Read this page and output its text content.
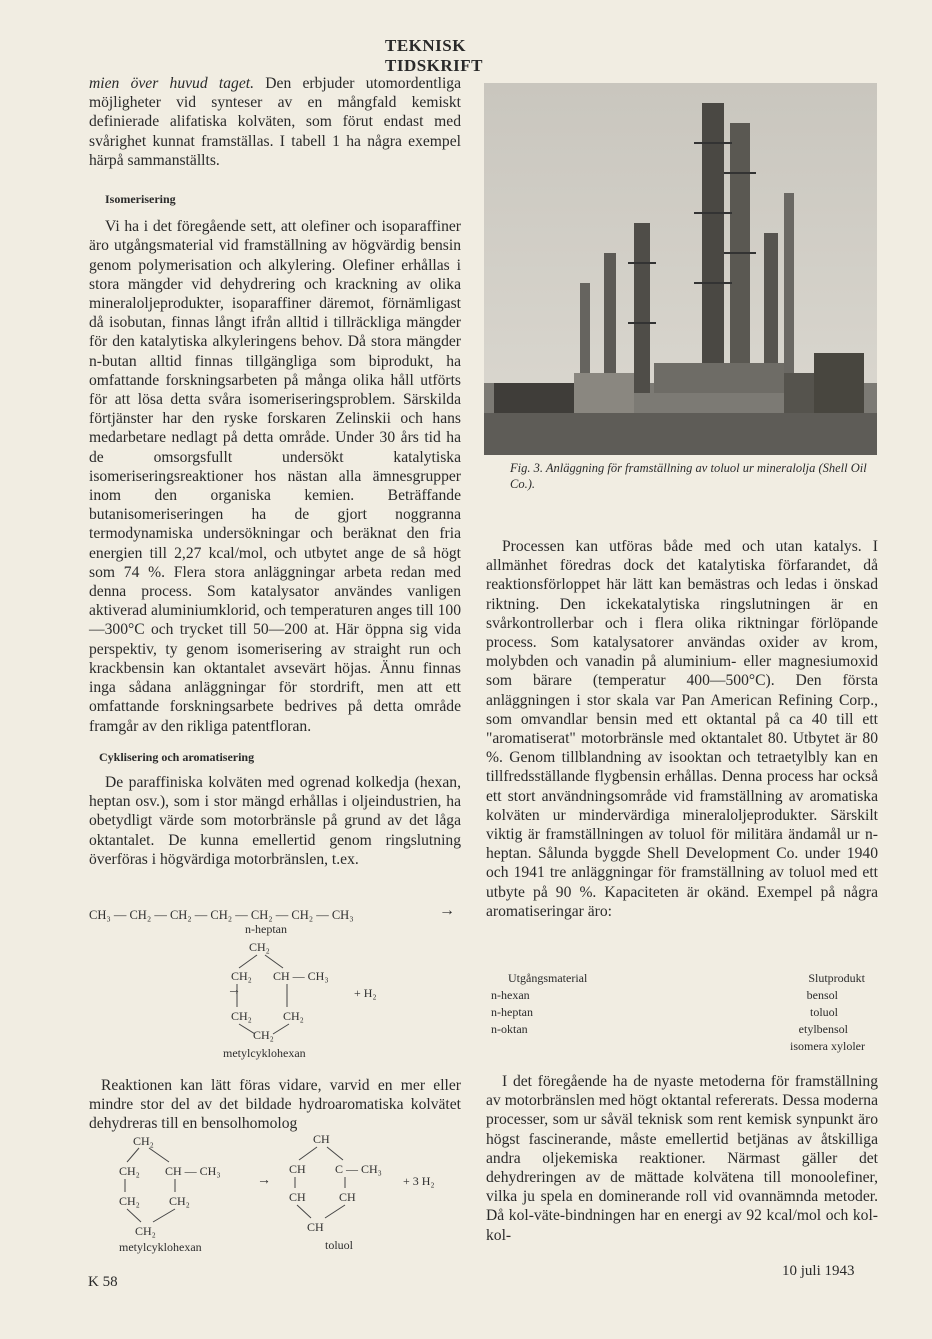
TEKNISK TIDSKRIFT

mien över huvud taget. Den erbjuder utomordentliga möjligheter vid synteser av en mångfald kemiskt definierade alifatiska kolväten, som förut endast med svårighet kunnat framställas. I tabell 1 ha några exempel härpå sammanställts.

Isomerisering

Vi ha i det föregående sett, att olefiner och isoparaffiner äro utgångsmaterial vid framställning av högvärdig bensin genom polymerisation och alkylering. Olefiner erhållas i stora mängder vid dehydrering och krackning av olika mineraloljeprodukter, isoparaffiner däremot, förnämligast då isobutan, finnas långt ifrån alltid i tillräckliga mängder för den katalytiska alkyleringens behov. Då stora mängder n-butan alltid finnas tillgängliga som biprodukt, ha omfattande forskningsarbeten på många olika håll utförts för att lösa detta svåra isomeriseringsproblem. Särskilda förtjänster har den ryske forskaren Zelinskii och hans medarbetare nedlagt på detta område. Under 30 års tid ha de omsorgsfullt undersökt katalytiska isomeriseringsreaktioner hos nästan alla ämnesgrupper inom den organiska kemien. Beträffande butanisomeriseringen ha de gjort noggranna termodynamiska undersökningar och beräknat den fria energien till 2,27 kcal/mol, och utbytet ange de så högt som 74 %. Flera stora anläggningar arbeta redan med denna process. Som katalysator användes vanligen aktiverad aluminiumklorid, och temperaturen anges till 100—300°C och trycket till 50—200 at. Här öppna sig vida perspektiv, ty genom isomerisering av straight run och krackbensin kan oktantalet avsevärt höjas. Ännu finnas inga sådana anläggningar för stordrift, men att ett omfattande forskningsarbete bedrives på detta område framgår av den rikliga patentfloran.

Cyklisering och aromatisering

De paraffiniska kolväten med ogrenad kolkedja (hexan, heptan osv.), som i stor mängd erhållas i oljeindustrien, ha obetydligt värde som motorbränsle på grund av det låga oktantalet. De kunna emellertid genom ringslutning överföras i högvärdiga motorbränslen, t.ex.

CH₃ — CH₂ — CH₂ — CH₂ — CH₂ — CH₂ — CH₃	→
n-heptan
CH₂
CH₂ CH — CH₃
→	+ H₂
CH₂	CH₂
CH₂
metylcyklohexan

Reaktionen kan lätt föras vidare, varvid en mer eller mindre stor del av det bildade hydroaromatiska kolvätet dehydreras till en bensolhomolog

CH₂
CH₂ CH — CH₃
CH₂ CH₂
CH₂
metylcyklohexan
→
CH
CH C — CH₃
+ 3 H₂
CH	CH
CH
toluol
Fig. 3. Anläggning för framställning av toluol ur mineralolja (Shell Oil Co.).

Processen kan utföras både med och utan katalys. I allmänhet föredras dock det katalytiska förfarandet, då reaktionsförloppet här lätt kan bemästras och ledas i önskad riktning. Den ickekatalytiska ringslutningen är en svårkontrollerbar och i flera olika riktningar förlöpande process. Som katalysatorer användas oxider av krom, molybden och vanadin på aluminium- eller magnesiumoxid som bärare (temperatur 400—500°C). Den första anläggningen i stor skala var Pan American Refining Corp., som omvandlar bensin med ett oktantal på ca 40 till ett "aromatiserat" motorbränsle med oktantalet 80. Utbytet är 80 %. Genom tillblandning av isooktan och tetraetylbly kan en tillfredsställande flygbensin erhållas. Denna process har också ett stort användningsområde vid framställning av aromatiska kolväten ur mindervärdiga mineraloljeprodukter. Särskilt viktig är framställningen av toluol för militära ändamål ur n-heptan. Sålunda byggde Shell Development Co. under 1940 och 1941 tre anläggningar för framställning av toluol med ett utbyte på 90 %. Kapaciteten är okänd. Exempel på några aromatiseringar äro:

Utgångsmaterial	Slutprodukt
n-hexan	bensol
n-heptan	toluol
n-oktan	etylbensol
	isomera xyloler

I det föregående ha de nyaste metoderna för framställning av motorbränslen med högt oktantal refererats. Dessa moderna processer, som ur såväl teknisk som rent kemisk synpunkt äro högst fascinerande, måste emellertid betjänas av åtskilliga andra oljekemiska reaktioner. Närmast gäller det dehydreringen av de mättade kolvätena till monoolefiner, vilka ju spela en dominerande roll vid ovannämnda metoder. Då kol-väte-bindningen har en energi av 92 kcal/mol och kol-kol-

K 58
10 juli 1943
